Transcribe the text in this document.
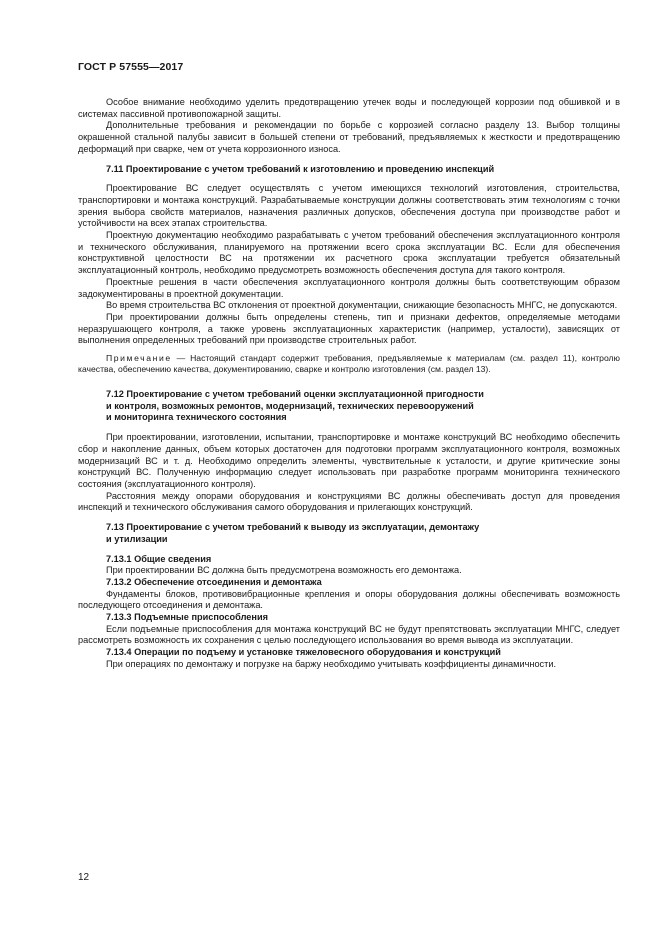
ГОСТ Р 57555—2017

Особое внимание необходимо уделить предотвращению утечек воды и последующей коррозии под обшивкой и в системах пассивной противопожарной защиты.

Дополнительные требования и рекомендации по борьбе с коррозией согласно разделу 13. Выбор толщины окрашенной стальной палубы зависит в большей степени от требований, предъявляемых к жесткости и предотвращению деформаций при сварке, чем от учета коррозионного износа.

7.11 Проектирование с учетом требований к изготовлению и проведению инспекций

Проектирование ВС следует осуществлять с учетом имеющихся технологий изготовления, строительства, транспортировки и монтажа конструкций. Разрабатываемые конструкции должны соответствовать этим технологиям с точки зрения выбора свойств материалов, назначения различных допусков, обеспечения доступа при производстве работ и устойчивости на всех этапах строительства.

Проектную документацию необходимо разрабатывать с учетом требований обеспечения эксплуатационного контроля и технического обслуживания, планируемого на протяжении всего срока эксплуатации ВС. Если для обеспечения конструктивной целостности ВС на протяжении их расчетного срока эксплуатации требуется обязательный эксплуатационный контроль, необходимо предусмотреть возможность обеспечения доступа для такого контроля.

Проектные решения в части обеспечения эксплуатационного контроля должны быть соответствующим образом задокументированы в проектной документации.

Во время строительства ВС отклонения от проектной документации, снижающие безопасность МНГС, не допускаются.

При проектировании должны быть определены степень, тип и признаки дефектов, определяемые методами неразрушающего контроля, а также уровень эксплуатационных характеристик (например, усталости), зависящих от выполнения определенных требований при производстве строительных работ.

Примечание — Настоящий стандарт содержит требования, предъявляемые к материалам (см. раздел 11), контролю качества, обеспечению качества, документированию, сварке и контролю изготовления (см. раздел 13).

7.12 Проектирование с учетом требований оценки эксплуатационной пригодности
и контроля, возможных ремонтов, модернизаций, технических перевооружений
и мониторинга технического состояния

При проектировании, изготовлении, испытании, транспортировке и монтаже конструкций ВС необходимо обеспечить сбор и накопление данных, объем которых достаточен для подготовки программ эксплуатационного контроля, возможных модернизаций ВС и т. д. Необходимо определить элементы, чувствительные к усталости, и другие критические зоны конструкций ВС. Полученную информацию следует использовать при разработке программ мониторинга технического состояния (эксплуатационного контроля).

Расстояния между опорами оборудования и конструкциями ВС должны обеспечивать доступ для проведения инспекций и технического обслуживания самого оборудования и прилегающих конструкций.

7.13 Проектирование с учетом требований к выводу из эксплуатации, демонтажу
и утилизации
7.13.1 Общие сведения

При проектировании ВС должна быть предусмотрена возможность его демонтажа.

7.13.2 Обеспечение отсоединения и демонтажа

Фундаменты блоков, противовибрационные крепления и опоры оборудования должны обеспечивать возможность последующего отсоединения и демонтажа.

7.13.3 Подъемные приспособления

Если подъемные приспособления для монтажа конструкций ВС не будут препятствовать эксплуатации МНГС, следует рассмотреть возможность их сохранения с целью последующего использования во время вывода из эксплуатации.

7.13.4 Операции по подъему и установке тяжеловесного оборудования и конструкций

При операциях по демонтажу и погрузке на баржу необходимо учитывать коэффициенты динамичности.

12
